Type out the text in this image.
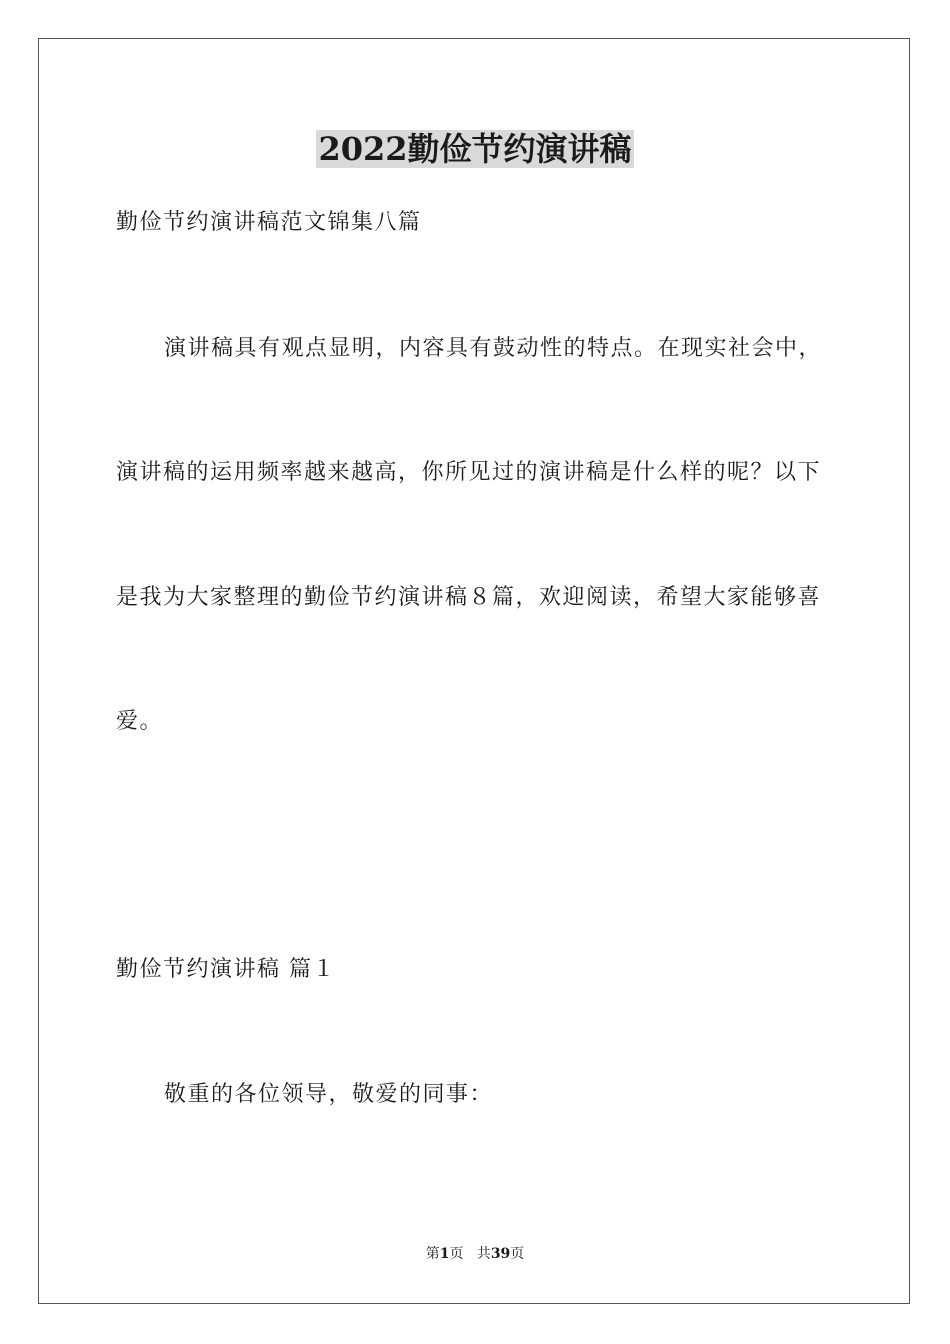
2022勤俭节约演讲稿
勤俭节约演讲稿范文锦集八篇
演讲稿具有观点显明，内容具有鼓动性的特点。在现实社会中，
演讲稿的运用频率越来越高，你所见过的演讲稿是什么样的呢？以下
是我为大家整理的勤俭节约演讲稿８篇，欢迎阅读，希望大家能够喜
爱。
勤俭节约演讲稿 篇１
敬重的各位领导，敬爱的同事：
第1页   共39页
